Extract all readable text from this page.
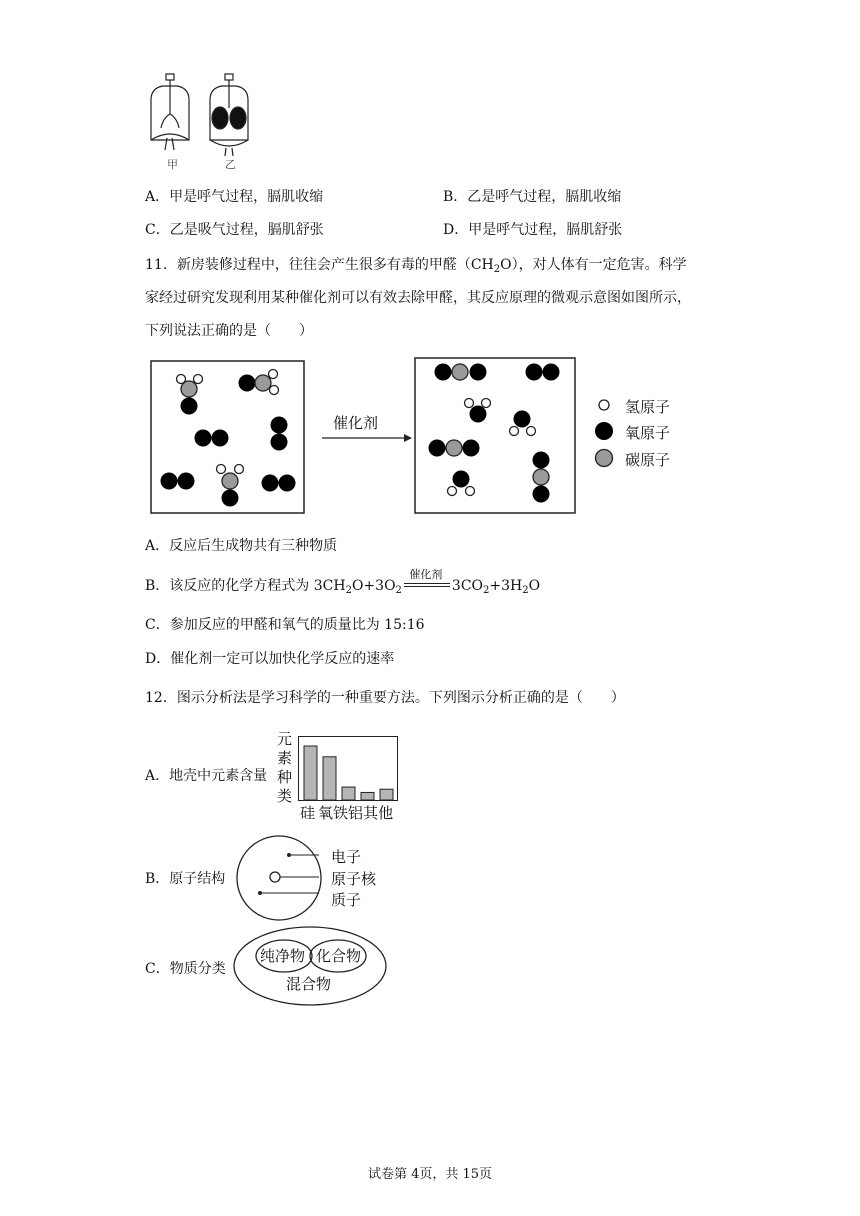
甲	乙
A．甲是呼气过程，膈肌收缩	B．乙是呼气过程，膈肌收缩
C．乙是吸气过程，膈肌舒张	D．甲是呼气过程，膈肌舒张
11．新房装修过程中，往往会产生很多有毒的甲醛$(CH_2O)$，对人体有一定危害。科学
家经过研究发现利用某种催化剂可以有效去除甲醛，其反应原理的微观示意图如图所示，
下列说法正确的是（　　）
催化剂
氢原子
氧原子
碳原子
A．反应后生成物共有三种物质
B．该反应的化学方程式为 $3CH_2O+3O_2$
催化剂
$3CO_2+3H_2O$
C．参加反应的甲醛和氧气的质量比为 15:16
D．催化剂一定可以加快化学反应的速率
12．图示分析法是学习科学的一种重要方法。下列图示分析正确的是（　　）
A．地壳中元素含量
元
素
种
类
硅 氧铁铝其他
B．原子结构
电子
原子核
质子
C．物质分类
纯净物 化合物
混合物
试卷第 4页，共 15页
